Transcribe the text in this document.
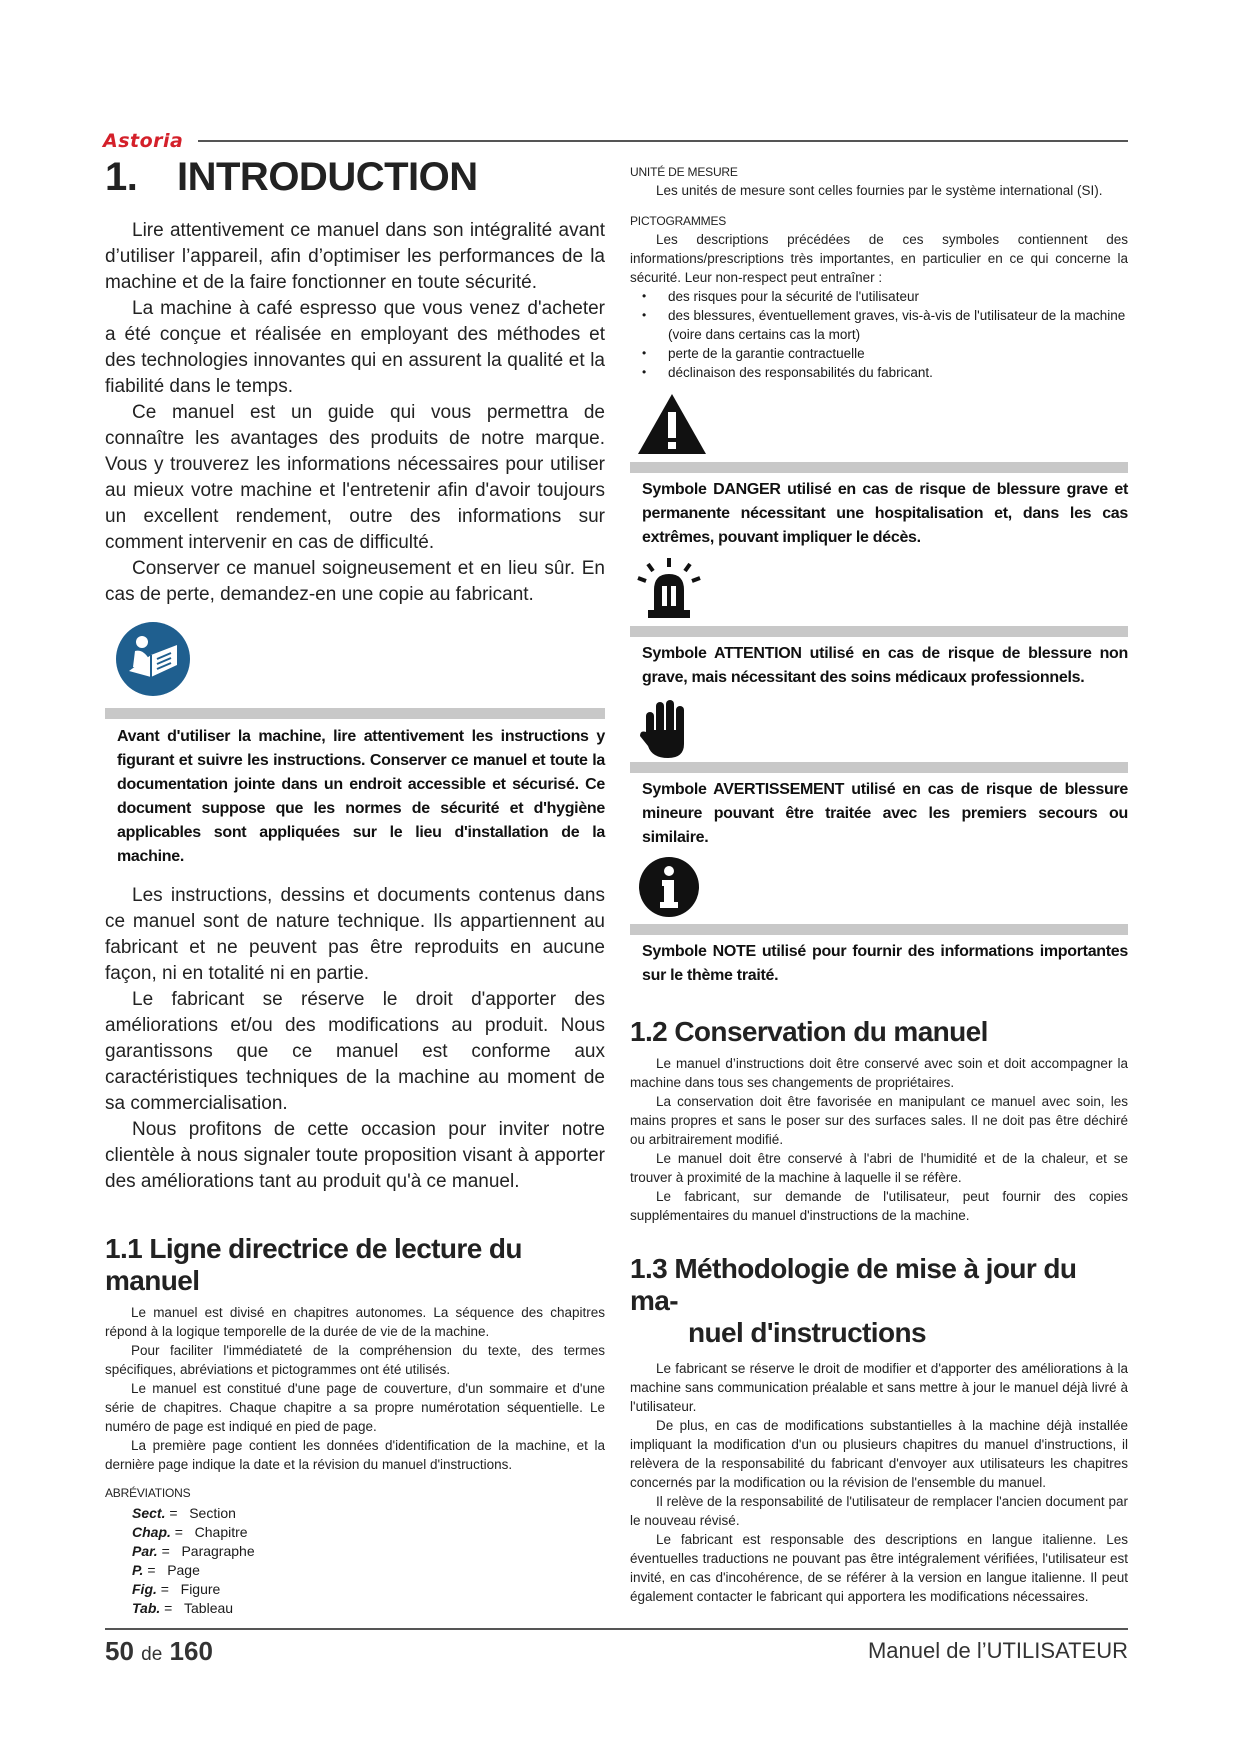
Astoria
1. INTRODUCTION

Lire attentivement ce manuel dans son intégralité avant d’utiliser l’appareil, afin d’optimiser les performances de la machine et de la faire fonctionner en toute sécurité.

La machine à café espresso que vous venez d'acheter a été conçue et réalisée en employant des méthodes et des technologies innovantes qui en assurent la qualité et la fiabilité dans le temps.

Ce manuel est un guide qui vous permettra de connaître les avantages des produits de notre marque. Vous y trouverez les informations nécessaires pour utiliser au mieux votre machine et l'entretenir afin d'avoir toujours un excellent rendement, outre des informations sur comment intervenir en cas de difficulté.

Conserver ce manuel soigneusement et en lieu sûr. En cas de perte, demandez-en une copie au fabricant.

Avant d'utiliser la machine, lire attentivement les instructions y figurant et suivre les instructions. Conserver ce manuel et toute la documentation jointe dans un endroit accessible et sécurisé. Ce document suppose que les normes de sécurité et d'hygiène applicables sont appliquées sur le lieu d'installation de la machine.

Les instructions, dessins et documents contenus dans ce manuel sont de nature technique. Ils appartiennent au fabricant et ne peuvent pas être reproduits en aucune façon, ni en totalité ni en partie.

Le fabricant se réserve le droit d'apporter des améliorations et/ou des modifications au produit. Nous garantissons que ce manuel est conforme aux caractéristiques techniques de la machine au moment de sa commercialisation.

Nous profitons de cette occasion pour inviter notre clientèle à nous signaler toute proposition visant à apporter des améliorations tant au produit qu'à ce manuel.

1.1 Ligne directrice de lecture du manuel

Le manuel est divisé en chapitres autonomes. La séquence des chapitres répond à la logique temporelle de la durée de vie de la machine.

Pour faciliter l'immédiateté de la compréhension du texte, des termes spécifiques, abréviations et pictogrammes ont été utilisés.

Le manuel est constitué d'une page de couverture, d'un sommaire et d'une série de chapitres. Chaque chapitre a sa propre numérotation séquentielle. Le numéro de page est indiqué en pied de page.

La première page contient les données d'identification de la machine, et la dernière page indique la date et la révision du manuel d'instructions.

ABRÉVIATIONS

Sect. = Section
Chap. = Chapitre
Par. = Paragraphe
P. = Page
Fig. = Figure
Tab. = Tableau

UNITÉ DE MESURE

Les unités de mesure sont celles fournies par le système international (SI).

PICTOGRAMMES

Les descriptions précédées de ces symboles contiennent des informations/prescriptions très importantes, en particulier en ce qui concerne la sécurité. Leur non-respect peut entraîner :

• des risques pour la sécurité de l'utilisateur
• des blessures, éventuellement graves, vis-à-vis de l'utilisateur de la machine (voire dans certains cas la mort)
• perte de la garantie contractuelle
• déclinaison des responsabilités du fabricant.
Symbole DANGER utilisé en cas de risque de blessure grave et permanente nécessitant une hospitalisation et, dans les cas extrêmes, pouvant impliquer le décès.
Symbole ATTENTION utilisé en cas de risque de blessure non grave, mais nécessitant des soins médicaux professionnels.
Symbole AVERTISSEMENT utilisé en cas de risque de blessure mineure pouvant être traitée avec les premiers secours ou similaire.
Symbole NOTE utilisé pour fournir des informations importantes sur le thème traité.
1.2 Conservation du manuel

Le manuel d’instructions doit être conservé avec soin et doit accompagner la machine dans tous ses changements de propriétaires.

La conservation doit être favorisée en manipulant ce manuel avec soin, les mains propres et sans le poser sur des surfaces sales. Il ne doit pas être déchiré ou arbitrairement modifié.

Le manuel doit être conservé à l'abri de l'humidité et de la chaleur, et se trouver à proximité de la machine à laquelle il se réfère.

Le fabricant, sur demande de l'utilisateur, peut fournir des copies supplémentaires du manuel d'instructions de la machine.

1.3 Méthodologie de mise à jour du ma-
nuel d'instructions

Le fabricant se réserve le droit de modifier et d'apporter des améliorations à la machine sans communication préalable et sans mettre à jour le manuel déjà livré à l'utilisateur.

De plus, en cas de modifications substantielles à la machine déjà installée impliquant la modification d'un ou plusieurs chapitres du manuel d'instructions, il relèvera de la responsabilité du fabricant d'envoyer aux utilisateurs les chapitres concernés par la modification ou la révision de l'ensemble du manuel.

Il relève de la responsabilité de l'utilisateur de remplacer l'ancien document par le nouveau révisé.

Le fabricant est responsable des descriptions en langue italienne. Les éventuelles traductions ne pouvant pas être intégralement vérifiées, l'utilisateur est invité, en cas d'incohérence, de se référer à la version en langue italienne. Il peut également contacter le fabricant qui apportera les modifications nécessaires.

50 de 160	Manuel de l’UTILISATEUR
